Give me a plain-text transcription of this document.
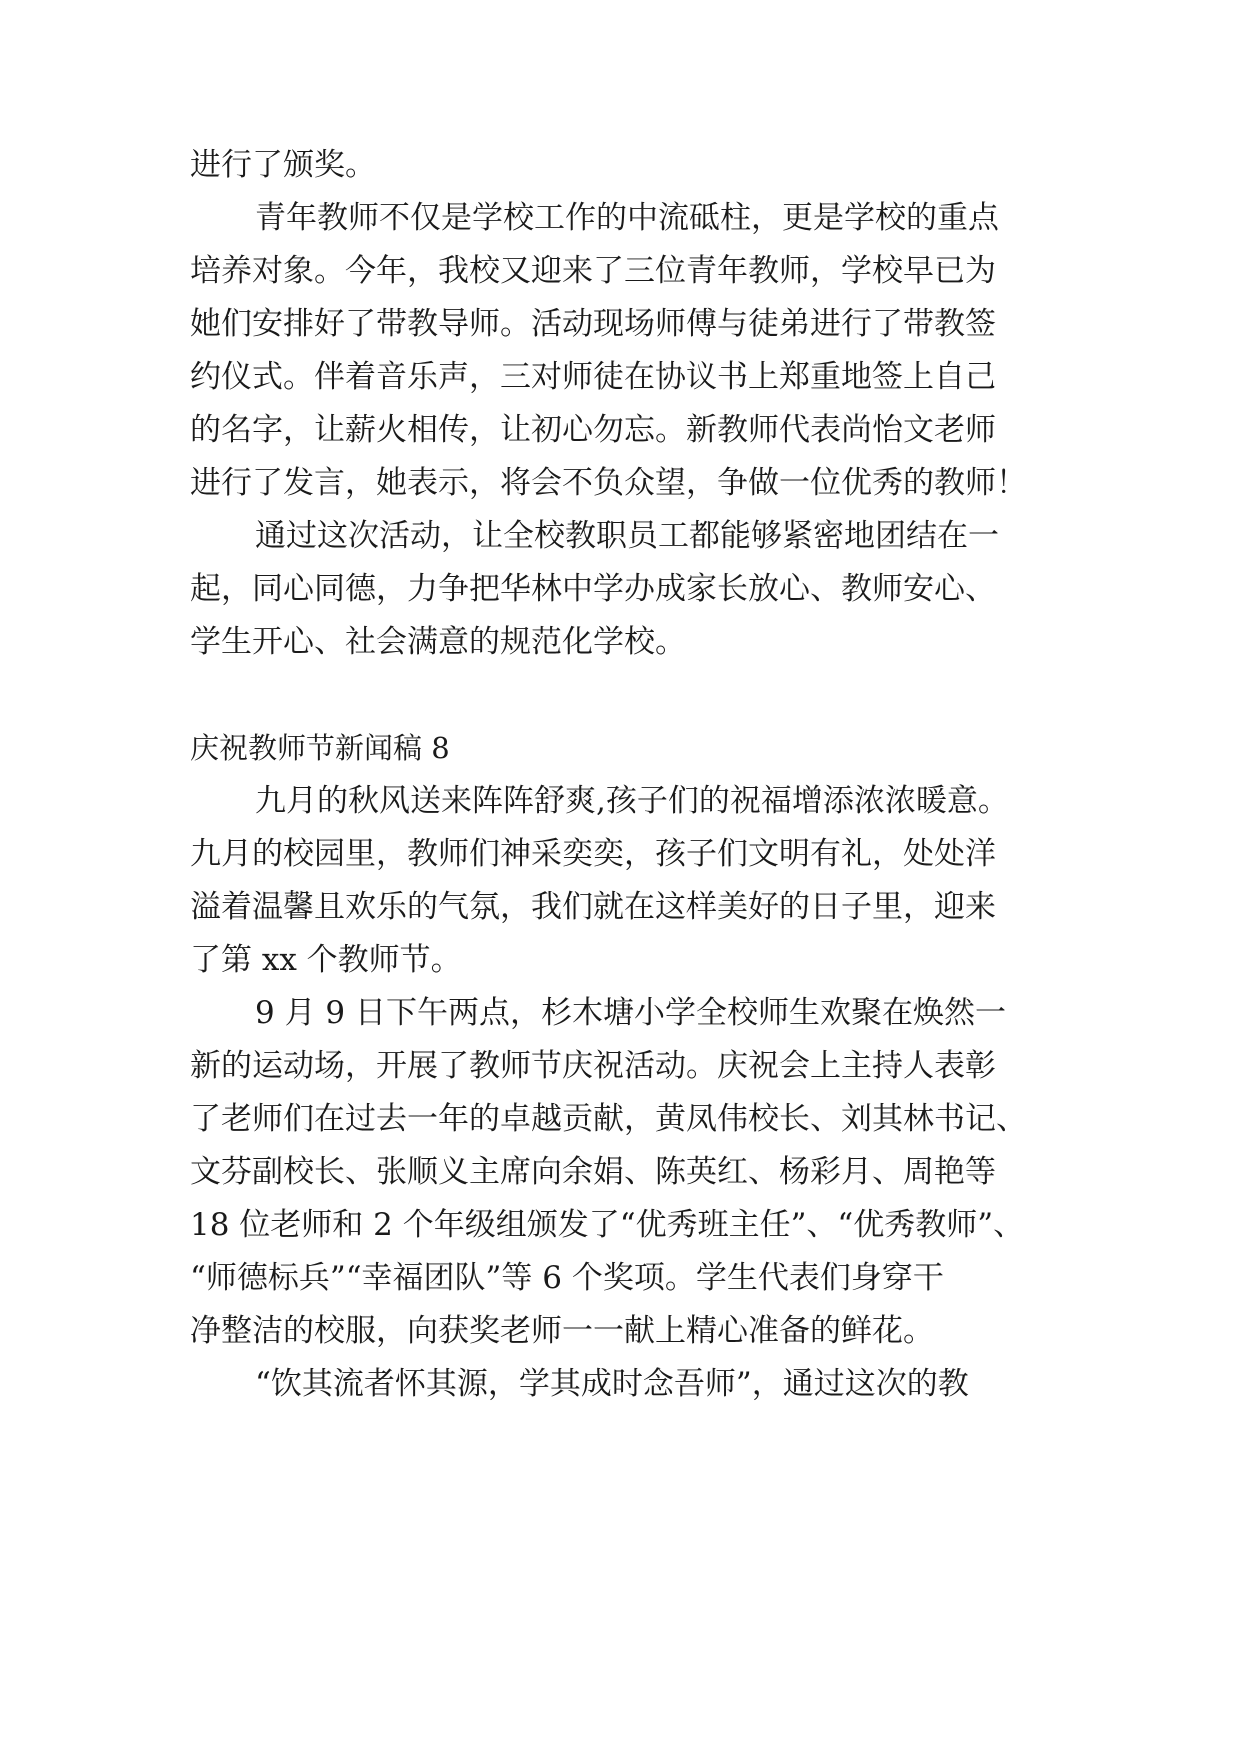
进行了颁奖。

青年教师不仅是学校工作的中流砥柱，更是学校的重点

培养对象。今年，我校又迎来了三位青年教师，学校早已为

她们安排好了带教导师。活动现场师傅与徒弟进行了带教签

约仪式。伴着音乐声，三对师徒在协议书上郑重地签上自己

的名字，让薪火相传，让初心勿忘。新教师代表尚怡文老师

进行了发言，她表示，将会不负众望，争做一位优秀的教师！

通过这次活动，让全校教职员工都能够紧密地团结在一

起，同心同德，力争把华林中学办成家长放心、教师安心、

学生开心、社会满意的规范化学校。

庆祝教师节新闻稿 8

九月的秋风送来阵阵舒爽,孩子们的祝福增添浓浓暖意。

九月的校园里，教师们神采奕奕，孩子们文明有礼，处处洋

溢着温馨且欢乐的气氛，我们就在这样美好的日子里，迎来

了第 xx 个教师节。

9 月 9 日下午两点，杉木塘小学全校师生欢聚在焕然一

新的运动场，开展了教师节庆祝活动。庆祝会上主持人表彰

了老师们在过去一年的卓越贡献，黄凤伟校长、刘其林书记、

文芬副校长、张顺义主席向余娟、陈英红、杨彩月、周艳等

18 位老师和 2 个年级组颁发了“优秀班主任”、“优秀教师”、

“师德标兵”“幸福团队”等 6 个奖项。学生代表们身穿干

净整洁的校服，向获奖老师一一献上精心准备的鲜花。

“饮其流者怀其源，学其成时念吾师”，通过这次的教
